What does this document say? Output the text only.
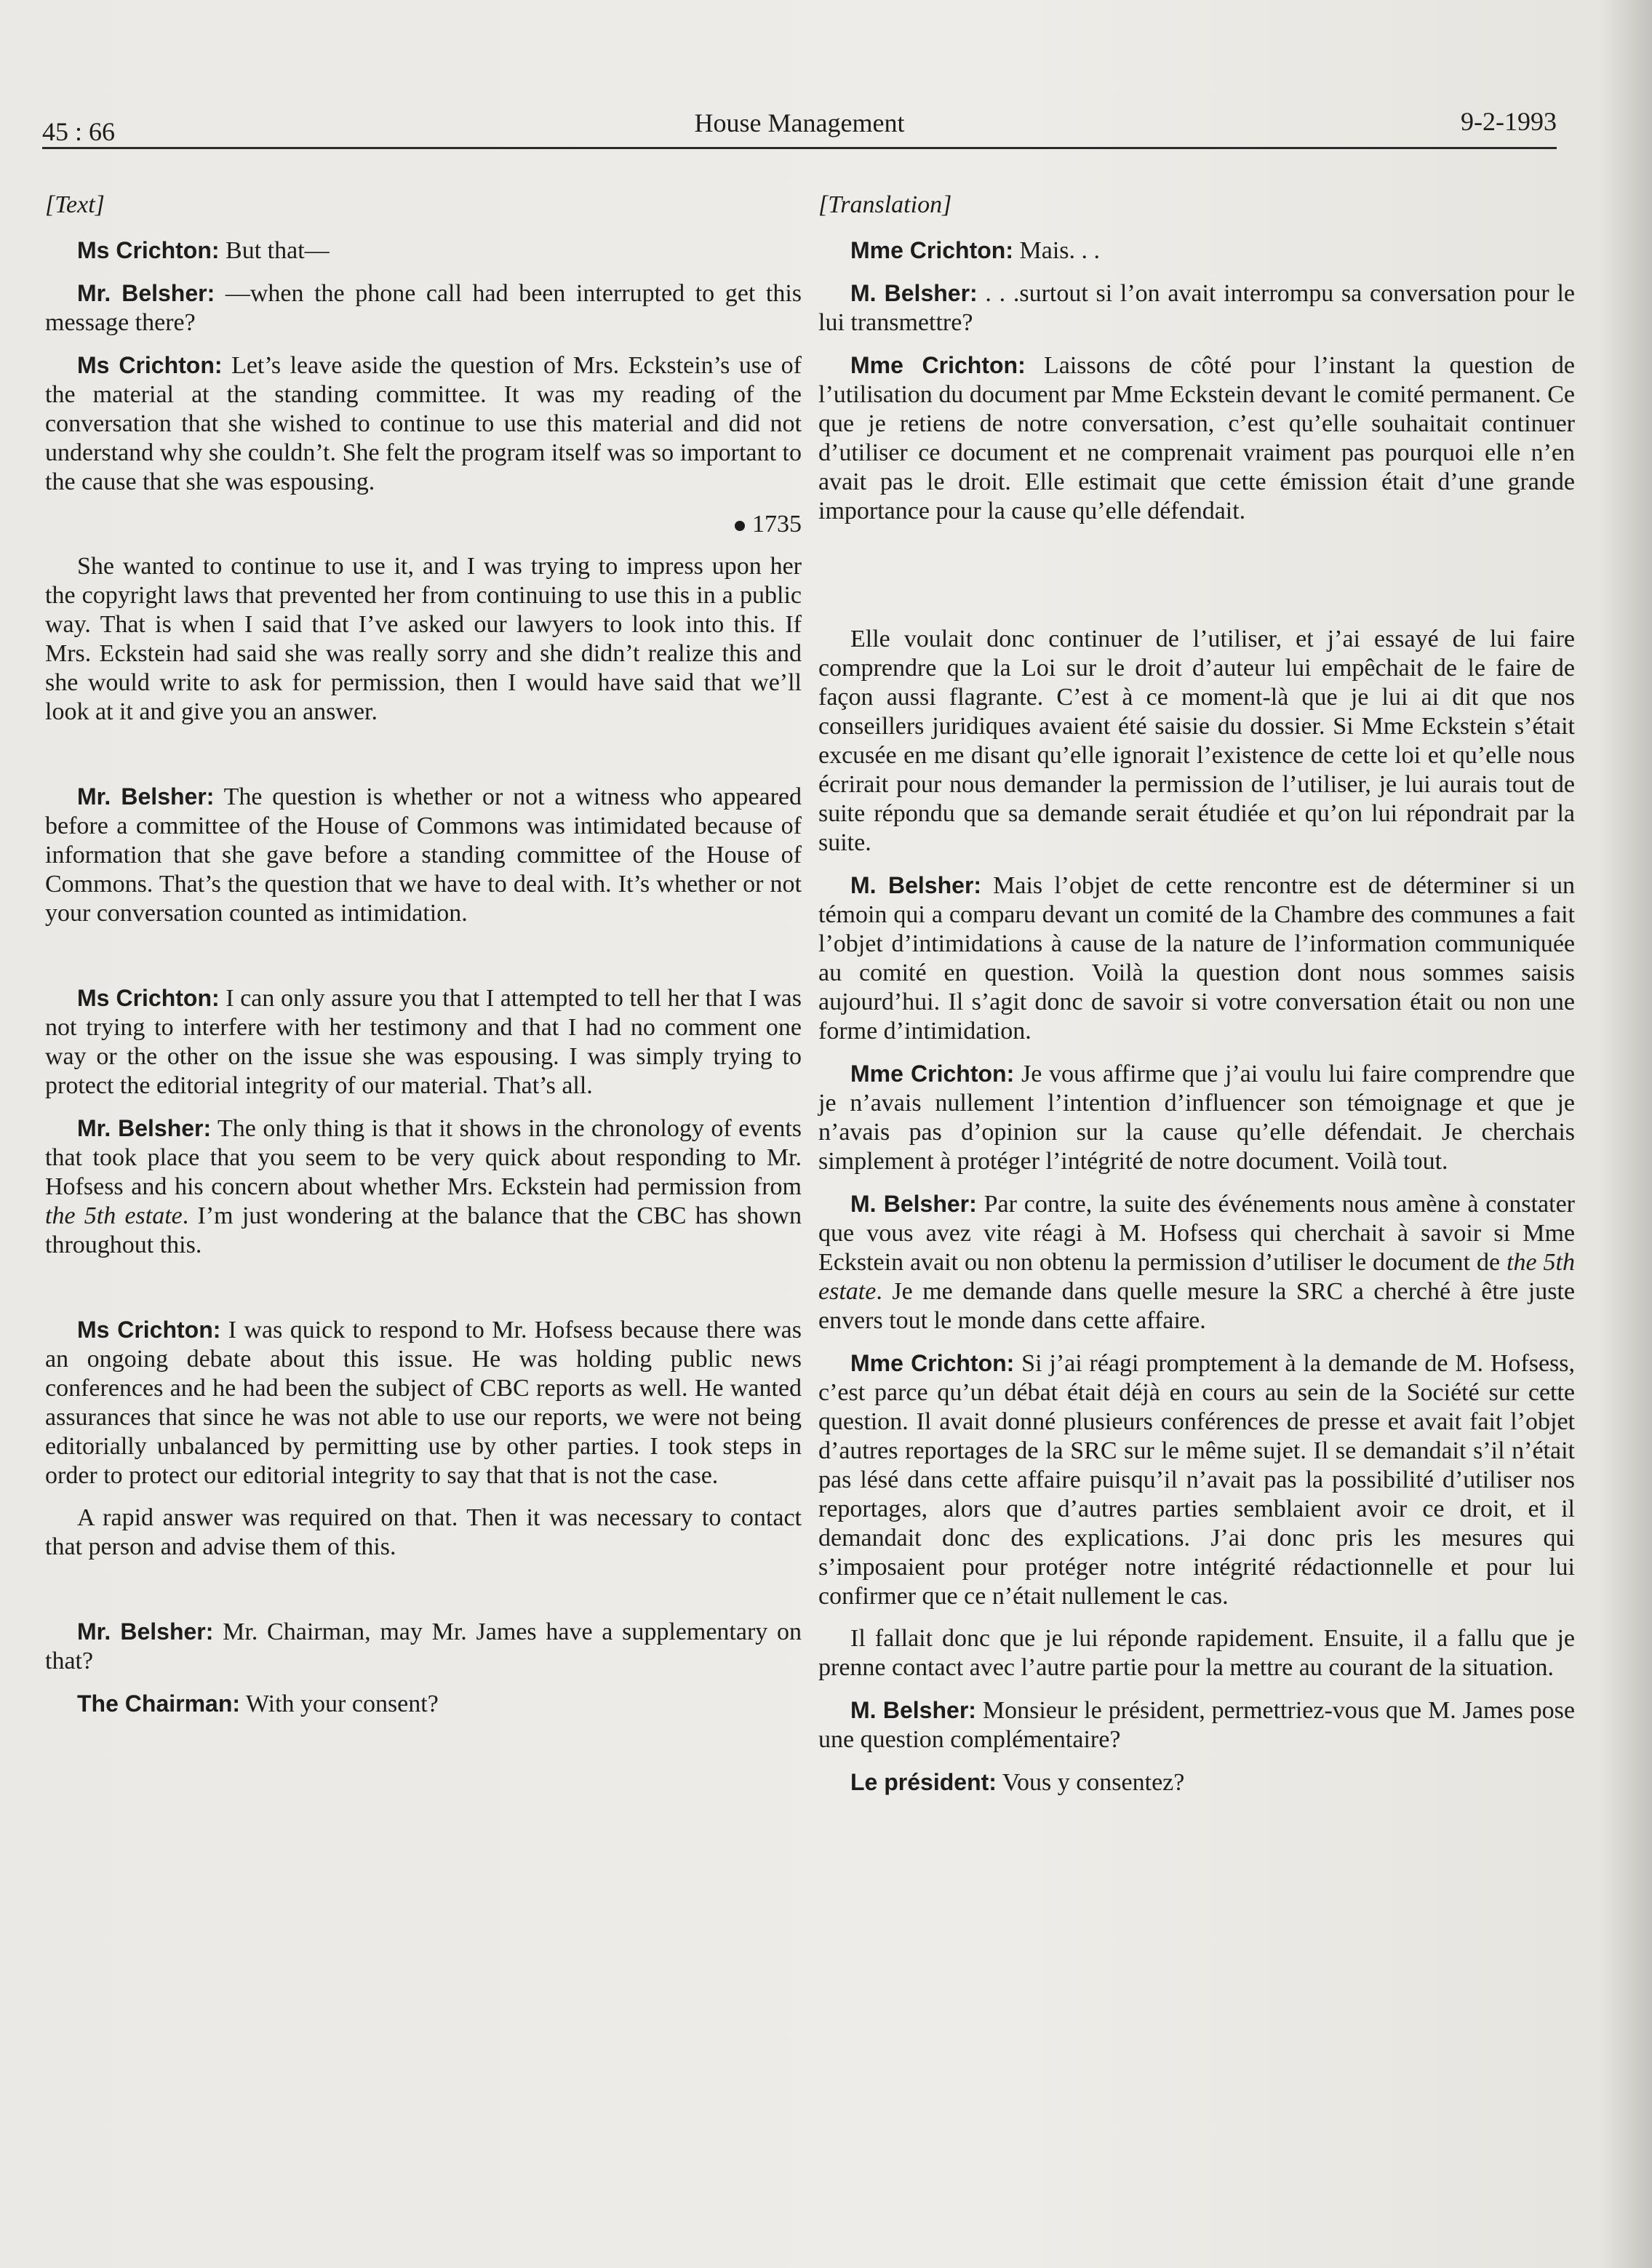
45 : 66	House Management	9-2-1993
[Text]

Ms Crichton: But that—

Mr. Belsher: —when the phone call had been interrupted to get this message there?

Ms Crichton: Let’s leave aside the question of Mrs. Eckstein’s use of the material at the standing committee. It was my reading of the conversation that she wished to continue to use this material and did not understand why she couldn’t. She felt the program itself was so important to the cause that she was espousing.

1735

She wanted to continue to use it, and I was trying to impress upon her the copyright laws that prevented her from continuing to use this in a public way. That is when I said that I’ve asked our lawyers to look into this. If Mrs. Eckstein had said she was really sorry and she didn’t realize this and she would write to ask for permission, then I would have said that we’ll look at it and give you an answer.

Mr. Belsher: The question is whether or not a witness who appeared before a committee of the House of Commons was intimidated because of information that she gave before a standing committee of the House of Commons. That’s the question that we have to deal with. It’s whether or not your conversation counted as intimidation.

Ms Crichton: I can only assure you that I attempted to tell her that I was not trying to interfere with her testimony and that I had no comment one way or the other on the issue she was espousing. I was simply trying to protect the editorial integrity of our material. That’s all.

Mr. Belsher: The only thing is that it shows in the chronology of events that took place that you seem to be very quick about responding to Mr. Hofsess and his concern about whether Mrs. Eckstein had permission from the 5th estate. I’m just wondering at the balance that the CBC has shown throughout this.

Ms Crichton: I was quick to respond to Mr. Hofsess because there was an ongoing debate about this issue. He was holding public news conferences and he had been the subject of CBC reports as well. He wanted assurances that since he was not able to use our reports, we were not being editorially unbalanced by permitting use by other parties. I took steps in order to protect our editorial integrity to say that that is not the case.

A rapid answer was required on that. Then it was necessary to contact that person and advise them of this.

Mr. Belsher: Mr. Chairman, may Mr. James have a supplementary on that?

The Chairman: With your consent?

[Translation]

Mme Crichton: Mais. . .

M. Belsher: . . .surtout si l’on avait interrompu sa conversation pour le lui transmettre?

Mme Crichton: Laissons de côté pour l’instant la question de l’utilisation du document par Mme Eckstein devant le comité permanent. Ce que je retiens de notre conversation, c’est qu’elle souhaitait continuer d’utiliser ce document et ne comprenait vraiment pas pourquoi elle n’en avait pas le droit. Elle estimait que cette émission était d’une grande importance pour la cause qu’elle défendait.

Elle voulait donc continuer de l’utiliser, et j’ai essayé de lui faire comprendre que la Loi sur le droit d’auteur lui empêchait de le faire de façon aussi flagrante. C’est à ce moment-là que je lui ai dit que nos conseillers juridiques avaient été saisie du dossier. Si Mme Eckstein s’était excusée en me disant qu’elle ignorait l’existence de cette loi et qu’elle nous écrirait pour nous demander la permission de l’utiliser, je lui aurais tout de suite répondu que sa demande serait étudiée et qu’on lui répondrait par la suite.

M. Belsher: Mais l’objet de cette rencontre est de déterminer si un témoin qui a comparu devant un comité de la Chambre des communes a fait l’objet d’intimidations à cause de la nature de l’information communiquée au comité en question. Voilà la question dont nous sommes saisis aujourd’hui. Il s’agit donc de savoir si votre conversation était ou non une forme d’intimidation.

Mme Crichton: Je vous affirme que j’ai voulu lui faire comprendre que je n’avais nullement l’intention d’influencer son témoignage et que je n’avais pas d’opinion sur la cause qu’elle défendait. Je cherchais simplement à protéger l’intégrité de notre document. Voilà tout.

M. Belsher: Par contre, la suite des événements nous amène à constater que vous avez vite réagi à M. Hofsess qui cherchait à savoir si Mme Eckstein avait ou non obtenu la permission d’utiliser le document de the 5th estate. Je me demande dans quelle mesure la SRC a cherché à être juste envers tout le monde dans cette affaire.

Mme Crichton: Si j’ai réagi promptement à la demande de M. Hofsess, c’est parce qu’un débat était déjà en cours au sein de la Société sur cette question. Il avait donné plusieurs conférences de presse et avait fait l’objet d’autres reportages de la SRC sur le même sujet. Il se demandait s’il n’était pas lésé dans cette affaire puisqu’il n’avait pas la possibilité d’utiliser nos reportages, alors que d’autres parties semblaient avoir ce droit, et il demandait donc des explications. J’ai donc pris les mesures qui s’imposaient pour protéger notre intégrité rédactionnelle et pour lui confirmer que ce n’était nullement le cas.

Il fallait donc que je lui réponde rapidement. Ensuite, il a fallu que je prenne contact avec l’autre partie pour la mettre au courant de la situation.

M. Belsher: Monsieur le président, permettriez-vous que M. James pose une question complémentaire?

Le président: Vous y consentez?
